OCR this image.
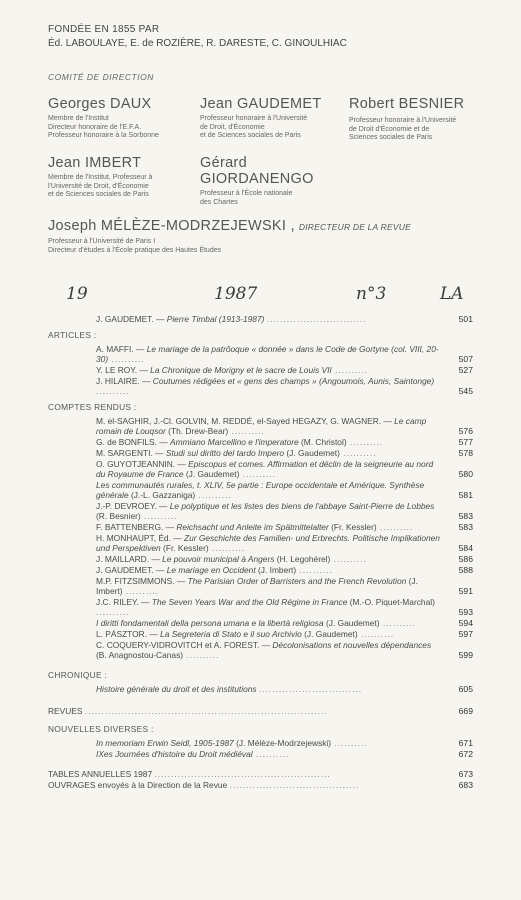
FONDÉE EN 1855 PAR
Éd. LABOULAYE, E. de ROZIÈRE, R. DARESTE, C. GINOULHIAC
COMITÉ DE DIRECTION
Georges DAUX
Membre de l'Institut
Directeur honoraire de l'E.F.A.
Professeur honoraire à la Sorbonne
Jean GAUDEMET
Professeur honoraire à l'Université
de Droit, d'Économie
et de Sciences sociales de Paris
Robert BESNIER
Professeur honoraire à l'Université
de Droit d'Économie et de
Sciences sociales de Paris
Jean IMBERT
Membre de l'Institut, Professeur à
l'Université de Droit, d'Économie
et de Sciences sociales de Paris
Gérard GIORDANENGO
Professeur à l'École nationale
des Chartes
Joseph MÉLÈZE-MODRZEJEWSKI , DIRECTEUR DE LA REVUE
Professeur à l'Université de Paris I
Directeur d'études à l'École pratique des Hautes Études
19	1987	n°3	LA
J. GAUDEMET. — Pierre Timbal (1913-1987) ..............................	501
ARTICLES :
A. MAFFI. — Le mariage de la patrôoque « donnée » dans le Code de Gortyne (col. VIII, 20-30) ..........	507
Y. LE ROY. — La Chronique de Morigny et le sacre de Louis VII ..........	527
J. HILAIRE. — Coutumes rédigées et « gens des champs » (Angoumois, Aunis, Saintonge) ..........	545
COMPTES RENDUS :
M. el-SAGHIR, J.-Cl. GOLVIN, M. REDDÉ, el-Sayed HEGAZY, G. WAGNER. — Le camp romain de Louqsor (Th. Drew-Bear) ..........	576
G. de BONFILS. — Ammiano Marcellino e l'imperatore (M. Christol) ..........	577
M. SARGENTI. — Studi sul diritto del tardo Impero (J. Gaudemet) ..........	578
O. GUYOTJEANNIN. — Episcopus et comes. Affirmation et déclin de la seigneurie au nord du Royaume de France (J. Gaudemet) ..........	580
Les communautés rurales, t. XLIV, 5e partie : Europe occidentale et Amérique. Synthèse générale (J.-L. Gazzaniga) ..........	581
J.-P. DEVROEY. — Le polyptique et les listes des biens de l'abbaye Saint-Pierre de Lobbes (R. Besnier) ..........	583
F. BATTENBERG. — Reichsacht und Anleite im Spätmittelalter (Fr. Kessler) ..........	583
H. MONHAUPT, Éd. — Zur Geschichte des Familien- und Erbrechts. Politische Implikationen und Perspektiven (Fr. Kessler) ..........	584
J. MAILLARD. — Le pouvoir municipal à Angers (H. Legohérel) ..........	586
J. GAUDEMET. — Le mariage en Occident (J. Imbert) ..........	588
M.P. FITZSIMMONS. — The Parisian Order of Barristers and the French Revolution (J. Imbert) ..........	591
J.C. RILEY. — The Seven Years War and the Old Régime in France (M.-O. Piquet-Marchal) ..........	593
I diritti fondamentali della persona umana e la libertà religiosa (J. Gaudemet) ..........	594
L. PÁSZTOR. — La Segreteria di Stato e il suo Archivio (J. Gaudemet) ..........	597
C. COQUERY-VIDROVITCH et A. FOREST. — Décolonisations et nouvelles dépendances (B. Anagnostou-Canas) ..........	599
CHRONIQUE :
Histoire générale du droit et des institutions ...............................	605
REVUES .........................................................................	669
NOUVELLES DIVERSES :
In memoriam Erwin Seidl, 1905-1987 (J. Mélèze-Modrzejewski) ..........	671
IXes Journées d'histoire du Droit médiéval ..........	672
TABLES ANNUELLES 1987 .....................................................	673
OUVRAGES envoyés à la Direction de la Revue .......................................	683
